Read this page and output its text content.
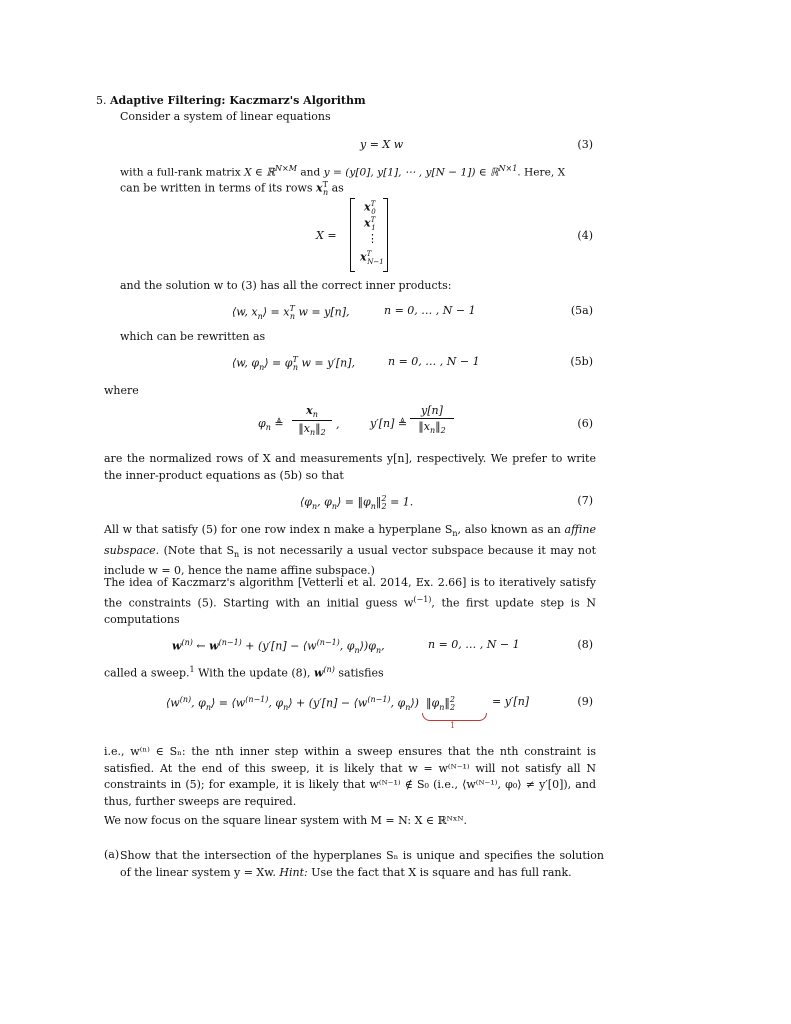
5. Adaptive Filtering: Kaczmarz's Algorithm
Consider a system of linear equations
y = X w	(3)
with a full-rank matrix X ∈ ℝ$^{N\times M}$ and y = (y[0], y[1], ⋯ , y[N − 1]) ∈ ℝ$^{N\times 1}$. Here, X
can be written in terms of its rows $x^T_n$ as
X =
$x^T_0$
$x^T_1$
⋮
$x^T_{N-1}$
(4)
and the solution w to (3) has all the correct inner products:
⟨w, $x_n⟩ = x^T_n$ w = y[n],	n = 0, … , N − 1	(5a)
which can be rewritten as
⟨w, $\varphi_n⟩ = \varphi^T_n$ w = y′[n],	n = 0, … , N − 1	(5b)
where
$\varphi_n$ ≜ $\frac{x_n}{‖x_n‖_2}$ ,	y′[n] ≜ $\frac{y[n]}{‖x_n‖_2}$	(6)
are the normalized rows of X and measurements y[n], respectively. We prefer to write the inner-product equations as (5b) so that
$⟨\varphi_n$, $\varphi_n⟩$ = $‖\varphi_n‖^2_2 = 1$.	(7)
All w that satisfy (5) for one row index n make a hyperplane $S_n$, also known as an affine subspace. (Note that $S_n$ is not necessarily a usual vector subspace because it may not include w = 0, hence the name affine subspace.)
The idea of Kaczmarz's algorithm [Vetterli et al. 2014, Ex. 2.66] is to iteratively satisfy the constraints (5). Starting with an initial guess $w^{(-1)}$, the first update step is N computations
$w^{(n)}$ ← $w^{(n-1)} + (y'[n]$ − $⟨w^{(n-1)}$, $\varphi_n⟩)\varphi_n$,	n = 0, … , N − 1	(8)
called a sweep.$^1$ With the update (8), $w^{(n)}$ satisfies
$⟨w^{(n)}$, $\varphi_n⟩$ = $⟨w^{(n-1)}$, $\varphi_n⟩ + (y'[n]$ − $⟨w^{(n-1)}$, $\varphi_n⟩$) $‖\varphi_n‖^2_2$	= y′[n]
1
(9)
i.e., w⁽ⁿ⁾ ∈ Sₙ: the nth inner step within a sweep ensures that the nth constraint is satisfied. At the end of this sweep, it is likely that w = w⁽ᴺ⁻¹⁾ will not satisfy all N constraints in (5); for example, it is likely that w⁽ᴺ⁻¹⁾ ∉ S₀ (i.e., ⟨w⁽ᴺ⁻¹⁾, φ₀⟩ ≠ y′[0]), and thus, further sweeps are required.
We now focus on the square linear system with M = N: X ∈ ℝᴺˣᴺ.
(a) Show that the intersection of the hyperplanes Sₙ is unique and specifies the solution of the linear system y = Xw. Hint: Use the fact that X is square and has full rank.
